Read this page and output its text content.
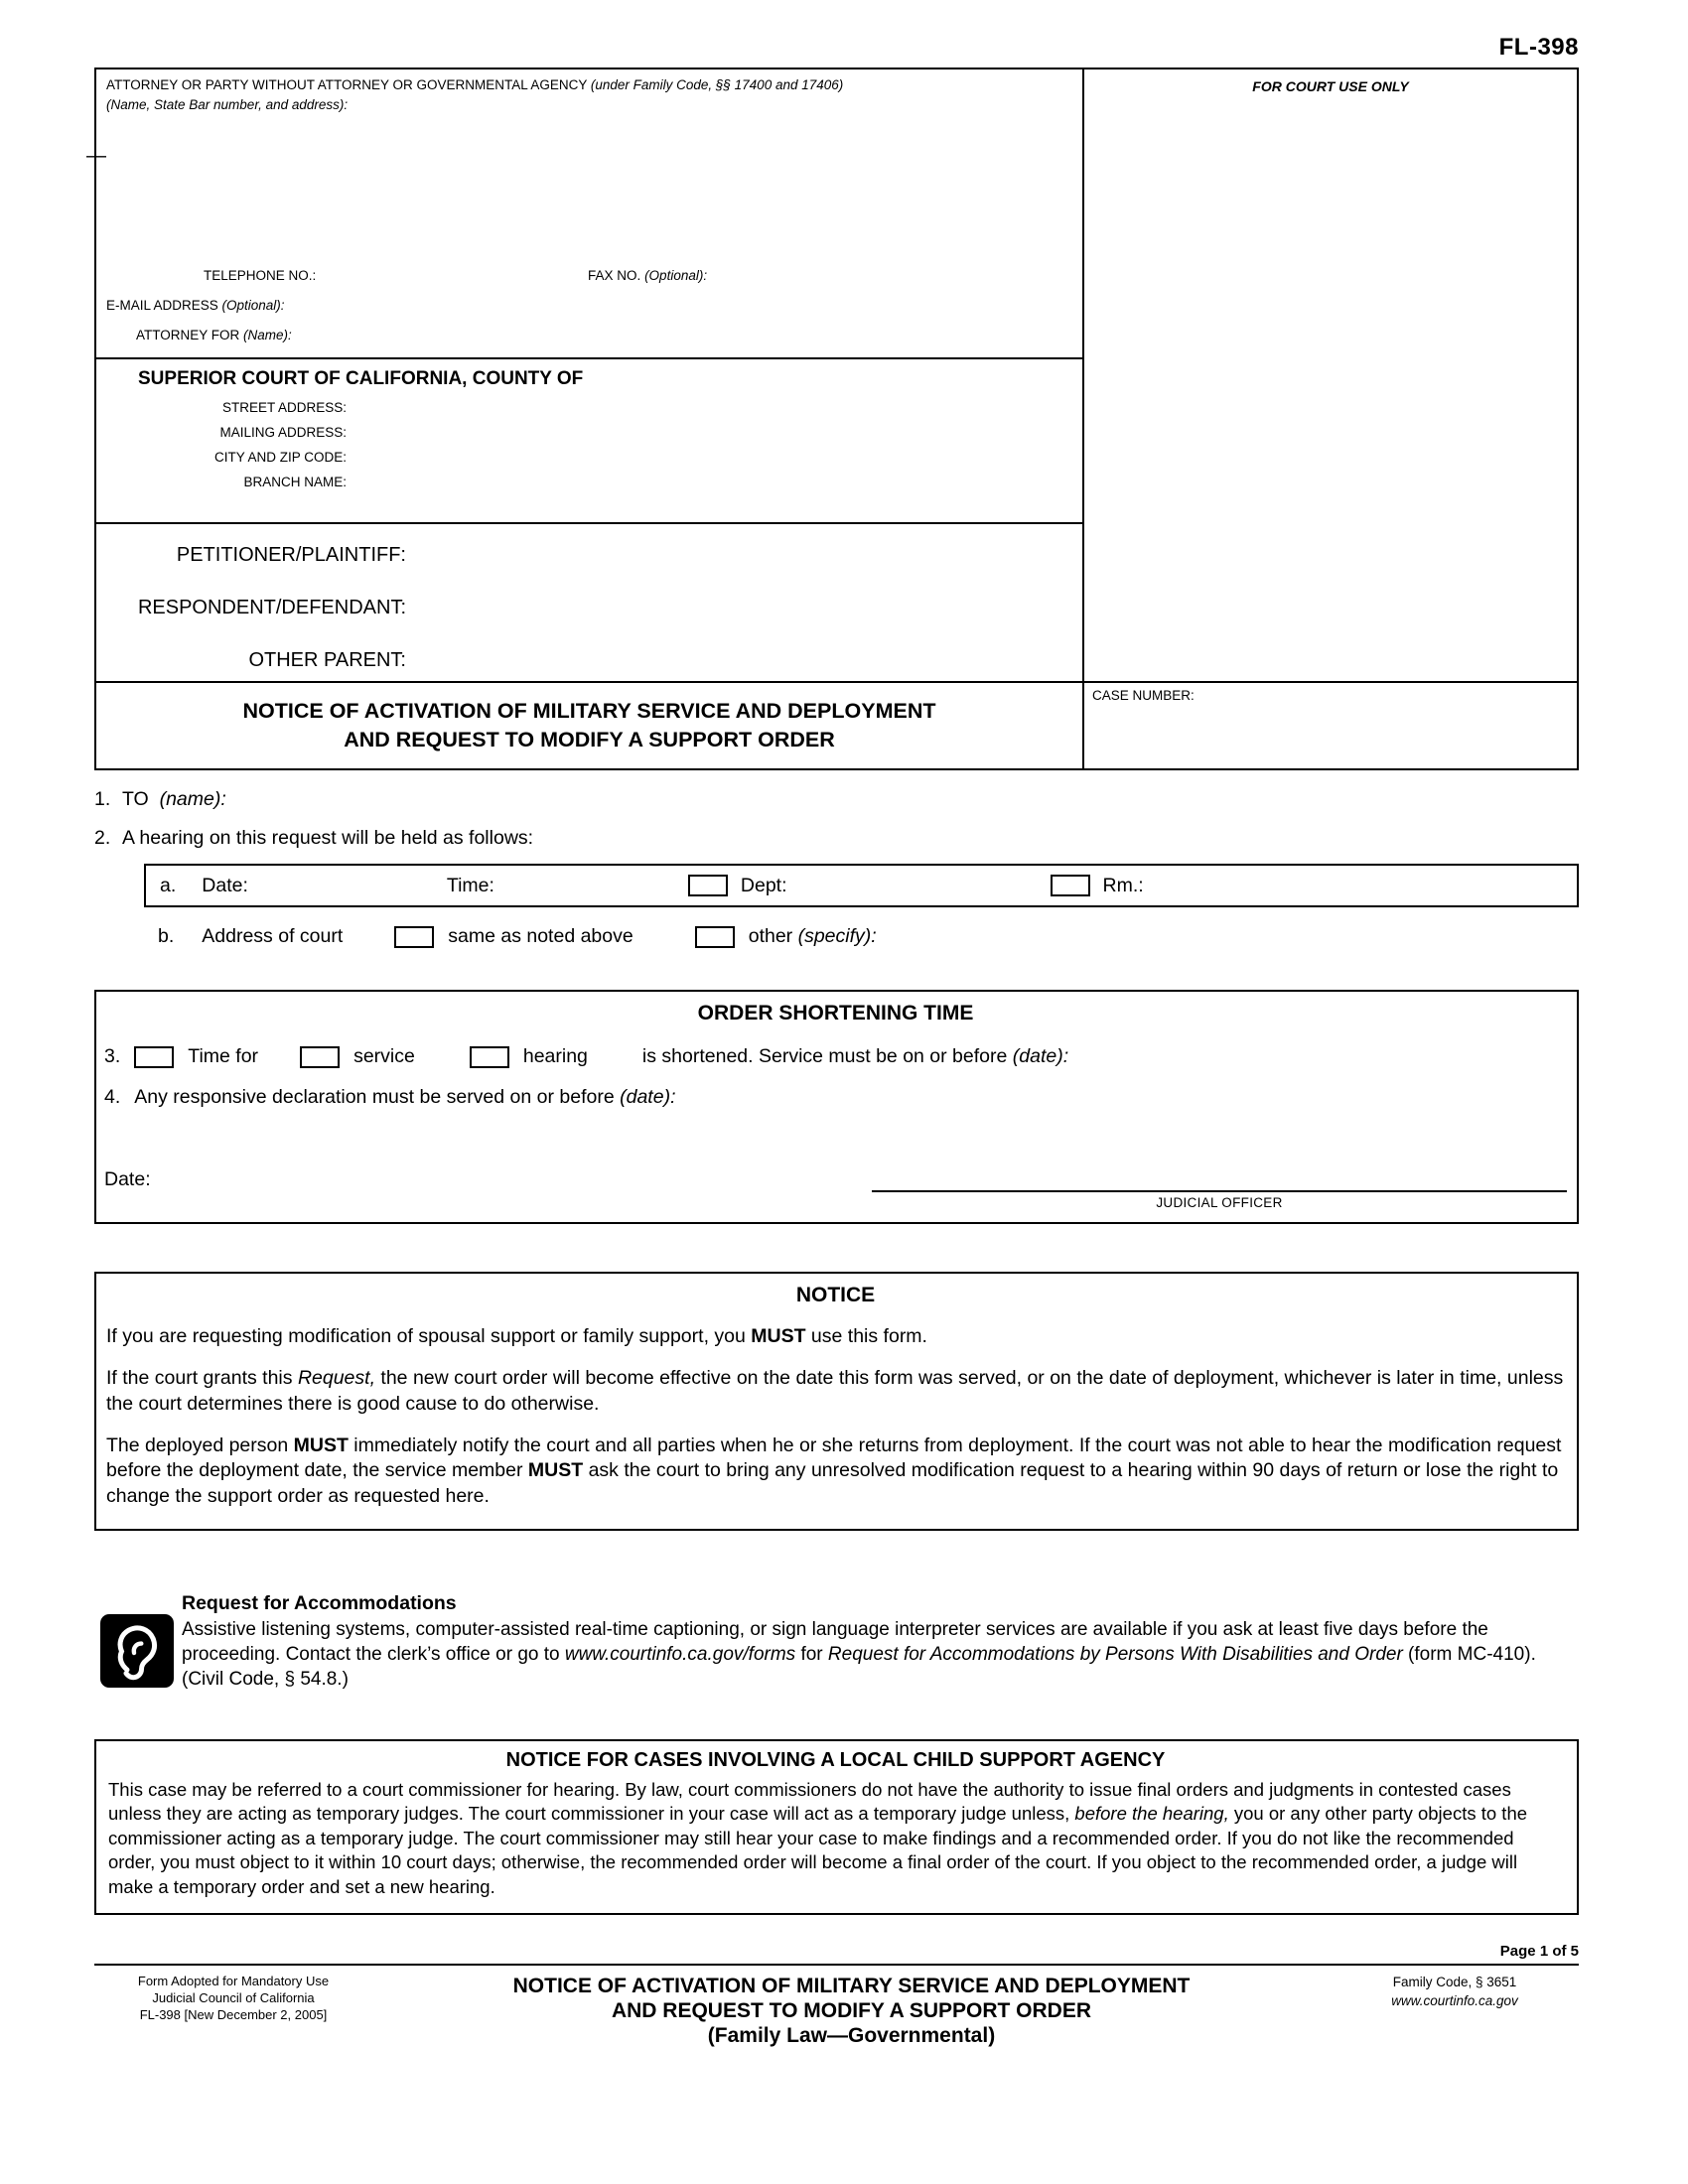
FL-398
ATTORNEY OR PARTY WITHOUT ATTORNEY OR GOVERNMENTAL AGENCY (under Family Code, §§ 17400 and 17406)
(Name, State Bar number, and address):
—
TELEPHONE NO.:	FAX NO. (Optional):
E-MAIL ADDRESS (Optional):
ATTORNEY FOR (Name):
SUPERIOR COURT OF CALIFORNIA, COUNTY OF
STREET ADDRESS:
MAILING ADDRESS:
CITY AND ZIP CODE:
BRANCH NAME:
PETITIONER/PLAINTIFF:
RESPONDENT/DEFENDANT:
OTHER PARENT:
NOTICE OF ACTIVATION OF MILITARY SERVICE AND DEPLOYMENT
AND REQUEST TO MODIFY A SUPPORT ORDER
FOR COURT USE ONLY
CASE NUMBER:
1. TO (name):
2. A hearing on this request will be held as follows:
a. Date:	Time:	Dept:	Rm.:
b. Address of court	same as noted above	other (specify):
ORDER SHORTENING TIME
3.	Time for	service	hearing	is shortened. Service must be on or before (date):
4. Any responsive declaration must be served on or before (date):
Date:
JUDICIAL OFFICER
NOTICE

If you are requesting modification of spousal support or family support, you MUST use this form.

If the court grants this Request, the new court order will become effective on the date this form was served, or on the date of deployment, whichever is later in time, unless the court determines there is good cause to do otherwise.

The deployed person MUST immediately notify the court and all parties when he or she returns from deployment. If the court was not able to hear the modification request before the deployment date, the service member MUST ask the court to bring any unresolved modification request to a hearing within 90 days of return or lose the right to change the support order as requested here.

Request for Accommodations

Assistive listening systems, computer-assisted real-time captioning, or sign language interpreter services are available if you ask at least five days before the proceeding. Contact the clerk’s office or go to www.courtinfo.ca.gov/forms for Request for Accommodations by Persons With Disabilities and Order (form MC-410). (Civil Code, § 54.8.)

NOTICE FOR CASES INVOLVING A LOCAL CHILD SUPPORT AGENCY

This case may be referred to a court commissioner for hearing. By law, court commissioners do not have the authority to issue final orders and judgments in contested cases unless they are acting as temporary judges. The court commissioner in your case will act as a temporary judge unless, before the hearing, you or any other party objects to the commissioner acting as a temporary judge. The court commissioner may still hear your case to make findings and a recommended order. If you do not like the recommended order, you must object to it within 10 court days; otherwise, the recommended order will become a final order of the court. If you object to the recommended order, a judge will make a temporary order and set a new hearing.

Page 1 of 5
Form Adopted for Mandatory Use
Judicial Council of California
FL-398 [New December 2, 2005]
NOTICE OF ACTIVATION OF MILITARY SERVICE AND DEPLOYMENT
AND REQUEST TO MODIFY A SUPPORT ORDER
(Family Law—Governmental)
Family Code, § 3651
www.courtinfo.ca.gov
